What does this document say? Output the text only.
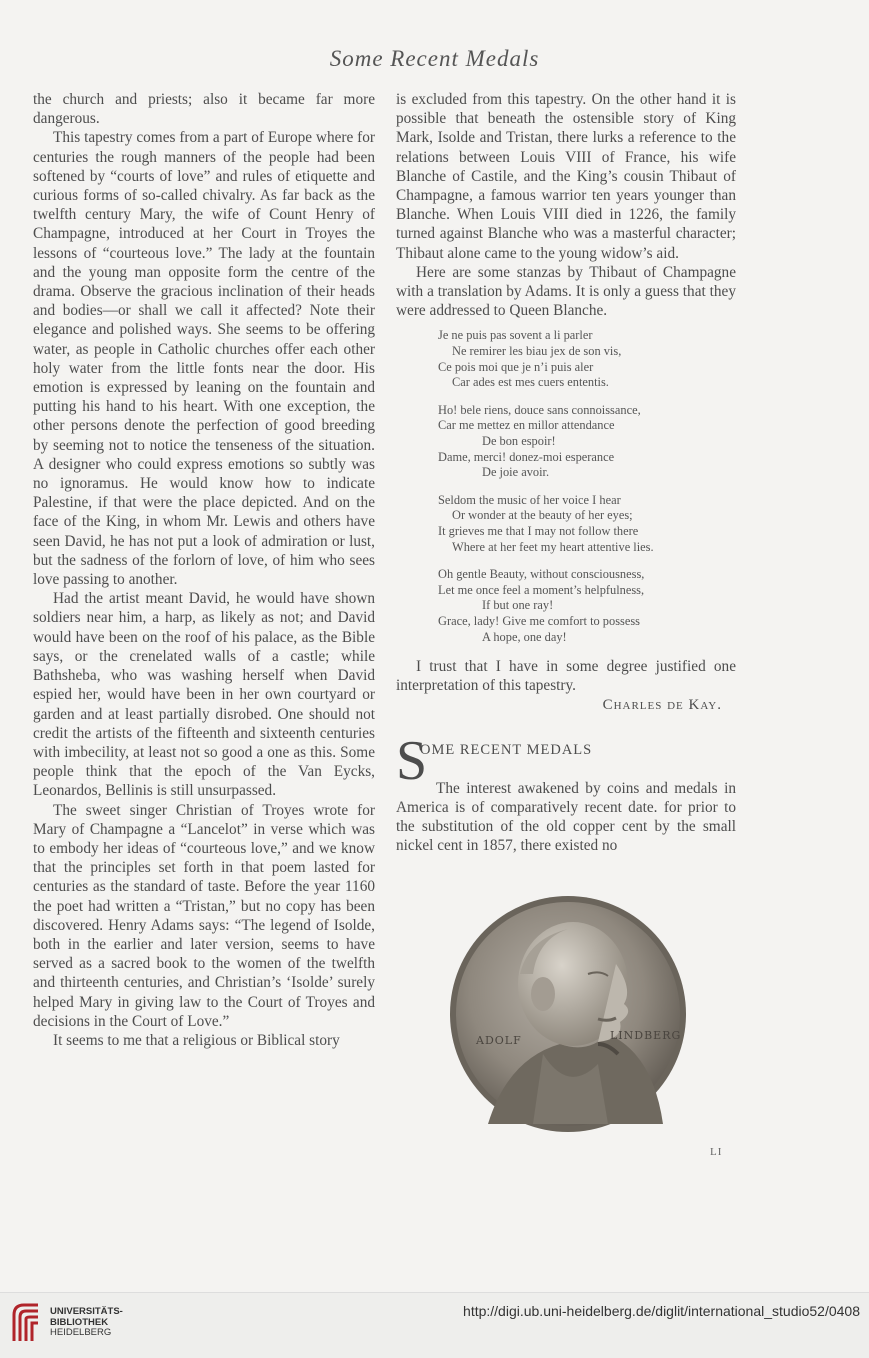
Some Recent Medals

the church and priests; also it became far more dangerous.

This tapestry comes from a part of Europe where for centuries the rough manners of the people had been softened by “courts of love” and rules of etiquette and curious forms of so-called chivalry. As far back as the twelfth century Mary, the wife of Count Henry of Champagne, introduced at her Court in Troyes the lessons of “courteous love.” The lady at the fountain and the young man opposite form the centre of the drama. Observe the gracious inclination of their heads and bodies—or shall we call it affected? Note their elegance and polished ways. She seems to be offering water, as people in Catholic churches offer each other holy water from the little fonts near the door. His emotion is expressed by leaning on the fountain and putting his hand to his heart. With one exception, the other persons denote the perfection of good breeding by seeming not to notice the tenseness of the situation. A designer who could express emotions so subtly was no ignoramus. He would know how to indicate Palestine, if that were the place depicted. And on the face of the King, in whom Mr. Lewis and others have seen David, he has not put a look of admiration or lust, but the sadness of the forlorn of love, of him who sees love passing to another.

Had the artist meant David, he would have shown soldiers near him, a harp, as likely as not; and David would have been on the roof of his palace, as the Bible says, or the crenelated walls of a castle; while Bathsheba, who was washing herself when David espied her, would have been in her own courtyard or garden and at least partially disrobed. One should not credit the artists of the fifteenth and sixteenth centuries with imbecility, at least not so good a one as this. Some people think that the epoch of the Van Eycks, Leonardos, Bellinis is still unsurpassed.

The sweet singer Christian of Troyes wrote for Mary of Champagne a “Lancelot” in verse which was to embody her ideas of “courteous love,” and we know that the principles set forth in that poem lasted for centuries as the standard of taste. Before the year 1160 the poet had written a “Tristan,” but no copy has been discovered. Henry Adams says: “The legend of Isolde, both in the earlier and later version, seems to have served as a sacred book to the women of the twelfth and thirteenth centuries, and Christian’s ‘Isolde’ surely helped Mary in giving law to the Court of Troyes and decisions in the Court of Love.”

It seems to me that a religious or Biblical story

is excluded from this tapestry. On the other hand it is possible that beneath the ostensible story of King Mark, Isolde and Tristan, there lurks a reference to the relations between Louis VIII of France, his wife Blanche of Castile, and the King’s cousin Thibaut of Champagne, a famous warrior ten years younger than Blanche. When Louis VIII died in 1226, the family turned against Blanche who was a masterful character; Thibaut alone came to the young widow’s aid.

Here are some stanzas by Thibaut of Champagne with a translation by Adams. It is only a guess that they were addressed to Queen Blanche.

Je ne puis pas sovent a li parler
Ne remirer les biau jex de son vis,
Ce pois moi que je n’i puis aler
Car ades est mes cuers ententis.
Ho! bele riens, douce sans connoissance,
Car me mettez en millor attendance
De bon espoir!
Dame, merci! donez-moi esperance
De joie avoir.
Seldom the music of her voice I hear
Or wonder at the beauty of her eyes;
It grieves me that I may not follow there
Where at her feet my heart attentive lies.
Oh gentle Beauty, without consciousness,
Let me once feel a moment’s helpfulness,
If but one ray!
Grace, lady! Give me comfort to possess
A hope, one day!

I trust that I have in some degree justified one interpretation of this tapestry.

Charles de Kay.
S
OME RECENT MEDALS

The interest awakened by coins and medals in America is of comparatively recent date. for prior to the substitution of the old copper cent by the small nickel cent in 1857, there existed no

ADOLF	LINDBERG
LI
UNIVERSITÄTS-
BIBLIOTHEK
HEIDELBERG
http://digi.ub.uni-heidelberg.de/diglit/international_studio52/0408
